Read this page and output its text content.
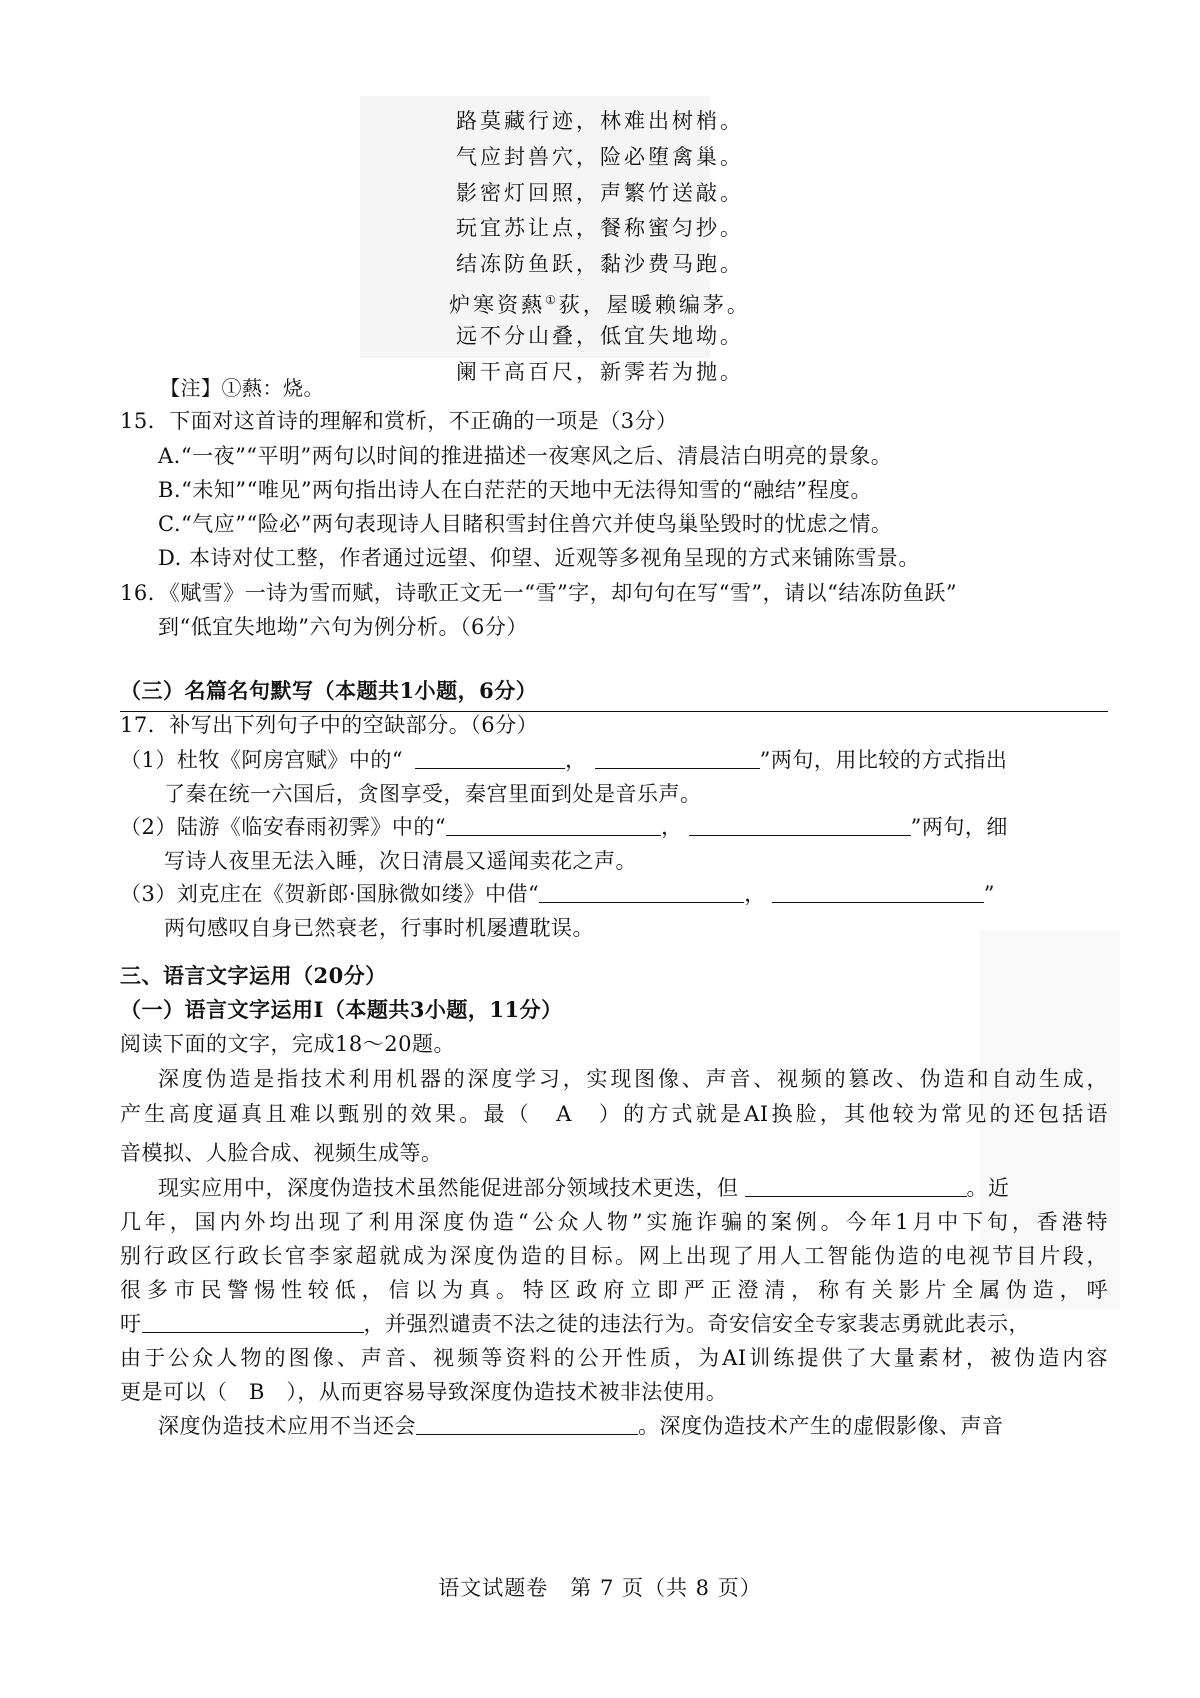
路莫藏行迹，林难出树梢。
气应封兽穴，险必堕禽巢。
影密灯回照，声繁竹送敲。
玩宜苏让点，餐称蜜匀抄。
结冻防鱼跃，黏沙费马跑。
炉寒资爇①荻，屋暖赖编茅。
远不分山叠，低宜失地坳。
阑干高百尺，新霁若为抛。
【注】①爇：烧。
15．下面对这首诗的理解和赏析，不正确的一项是（3分）
A.“一夜”“平明”两句以时间的推进描述一夜寒风之后、清晨洁白明亮的景象。
B.“未知”“唯见”两句指出诗人在白茫茫的天地中无法得知雪的“融结”程度。
C.“气应”“险必”两句表现诗人目睹积雪封住兽穴并使鸟巢坠毁时的忧虑之情。
D. 本诗对仗工整，作者通过远望、仰望、近观等多视角呈现的方式来铺陈雪景。
16．《赋雪》一诗为雪而赋，诗歌正文无一“雪”字，却句句在写“雪”，请以“结冻防鱼跃”
到“低宜失地坳”六句为例分析。（6分）
（三）名篇名句默写（本题共1小题，6分）
17．补写出下列句子中的空缺部分。（6分）
（1）杜牧《阿房宫赋》中的“	，	”两句，用比较的方式指出
了秦在统一六国后，贪图享受，秦宫里面到处是音乐声。
（2）陆游《临安春雨初霁》中的“	，	”两句，细
写诗人夜里无法入睡，次日清晨又遥闻卖花之声。
（3）刘克庄在《贺新郎·国脉微如缕》中借“	，	”
两句感叹自身已然衰老，行事时机屡遭耽误。
三、语言文字运用（20分）
（一）语言文字运用Ⅰ（本题共3小题，11分）
阅读下面的文字，完成18～20题。
深度伪造是指技术利用机器的深度学习，实现图像、声音、视频的篡改、伪造和自动生成，
产生高度逼真且难以甄别的效果。最（　A　）的方式就是AI换脸，其他较为常见的还包括语
音模拟、人脸合成、视频生成等。
现实应用中，深度伪造技术虽然能促进部分领域技术更迭，但	。近
几年，国内外均出现了利用深度伪造“公众人物”实施诈骗的案例。今年1月中下旬，香港特
别行政区行政长官李家超就成为深度伪造的目标。网上出现了用人工智能伪造的电视节目片段，
很多市民警惕性较低，信以为真。特区政府立即严正澄清，称有关影片全属伪造，呼
吁	，并强烈谴责不法之徒的违法行为。奇安信安全专家裴志勇就此表示，
由于公众人物的图像、声音、视频等资料的公开性质，为AI训练提供了大量素材，被伪造内容
更是可以（　B　），从而更容易导致深度伪造技术被非法使用。
深度伪造技术应用不当还会	。深度伪造技术产生的虚假影像、声音
语文试题卷　第 7 页（共 8 页）
